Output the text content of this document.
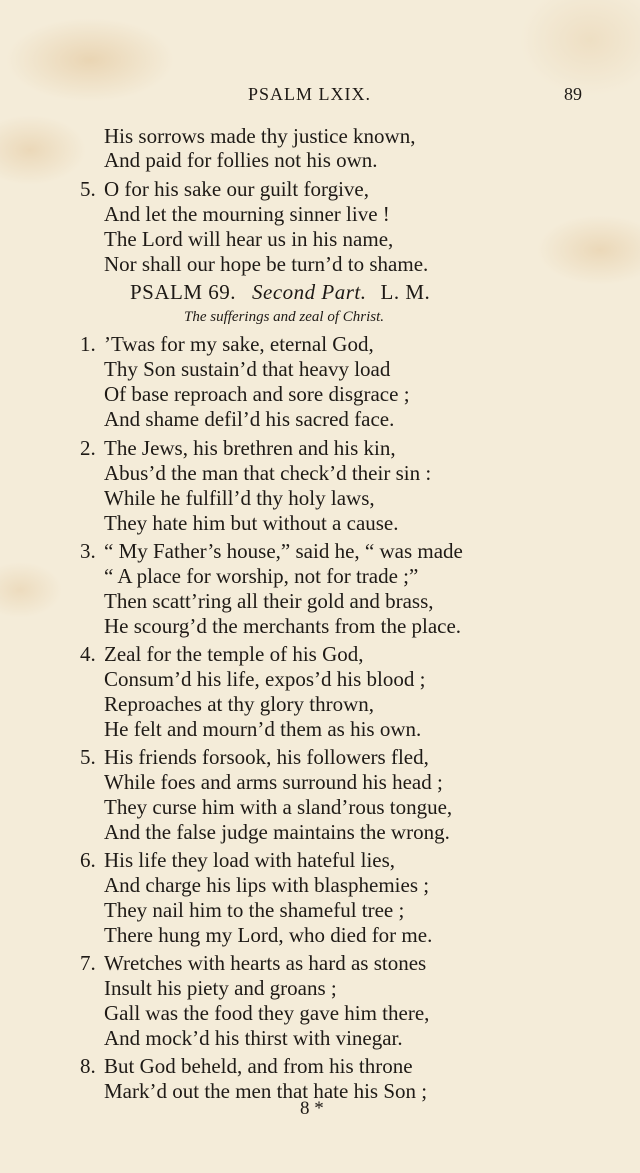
PSALM LXIX.	89
His sorrows made thy justice known,
And paid for follies not his own.
5. O for his sake our guilt forgive,
And let the mourning sinner live !
The Lord will hear us in his name,
Nor shall our hope be turn’d to shame.
PSALM 69. Second Part. L. M.
The sufferings and zeal of Christ.
1. ’Twas for my sake, eternal God,
Thy Son sustain’d that heavy load
Of base reproach and sore disgrace ;
And shame defil’d his sacred face.
2. The Jews, his brethren and his kin,
Abus’d the man that check’d their sin :
While he fulfill’d thy holy laws,
They hate him but without a cause.
3. “ My Father’s house,” said he, “ was made
“ A place for worship, not for trade ;”
Then scatt’ring all their gold and brass,
He scourg’d the merchants from the place.
4. Zeal for the temple of his God,
Consum’d his life, expos’d his blood ;
Reproaches at thy glory thrown,
He felt and mourn’d them as his own.
5. His friends forsook, his followers fled,
While foes and arms surround his head ;
They curse him with a sland’rous tongue,
And the false judge maintains the wrong.
6. His life they load with hateful lies,
And charge his lips with blasphemies ;
They nail him to the shameful tree ;
There hung my Lord, who died for me.
7. Wretches with hearts as hard as stones
Insult his piety and groans ;
Gall was the food they gave him there,
And mock’d his thirst with vinegar.
8. But God beheld, and from his throne
Mark’d out the men that hate his Son ;
8 *
